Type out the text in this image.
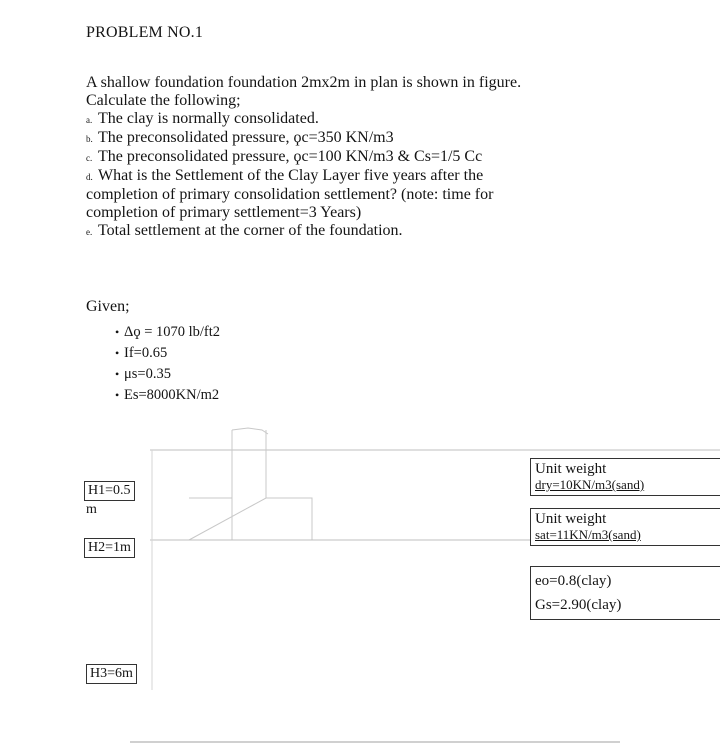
PROBLEM NO.1
A shallow foundation foundation 2mx2m in plan is shown in figure.
Calculate the following;
a. The clay is normally consolidated.
b. The preconsolidated pressure, ϙc=350 KN/m3
c. The preconsolidated pressure, ϙc=100 KN/m3 & Cs=1/5 Cc
d. What is the Settlement of the Clay Layer five years after the
completion of primary consolidation settlement? (note: time for
completion of primary settlement=3 Years)
e. Total settlement at the corner of the foundation.
Given;
• Δϙ = 1070 lb/ft2
• If=0.65
• μs=0.35
• Es=8000KN/m2
H1=0.5
m
H2=1m
H3=6m
Unit weight
dry=10KN/m3(sand)
Unit weight
sat=11KN/m3(sand)
eo=0.8(clay)
Gs=2.90(clay)
